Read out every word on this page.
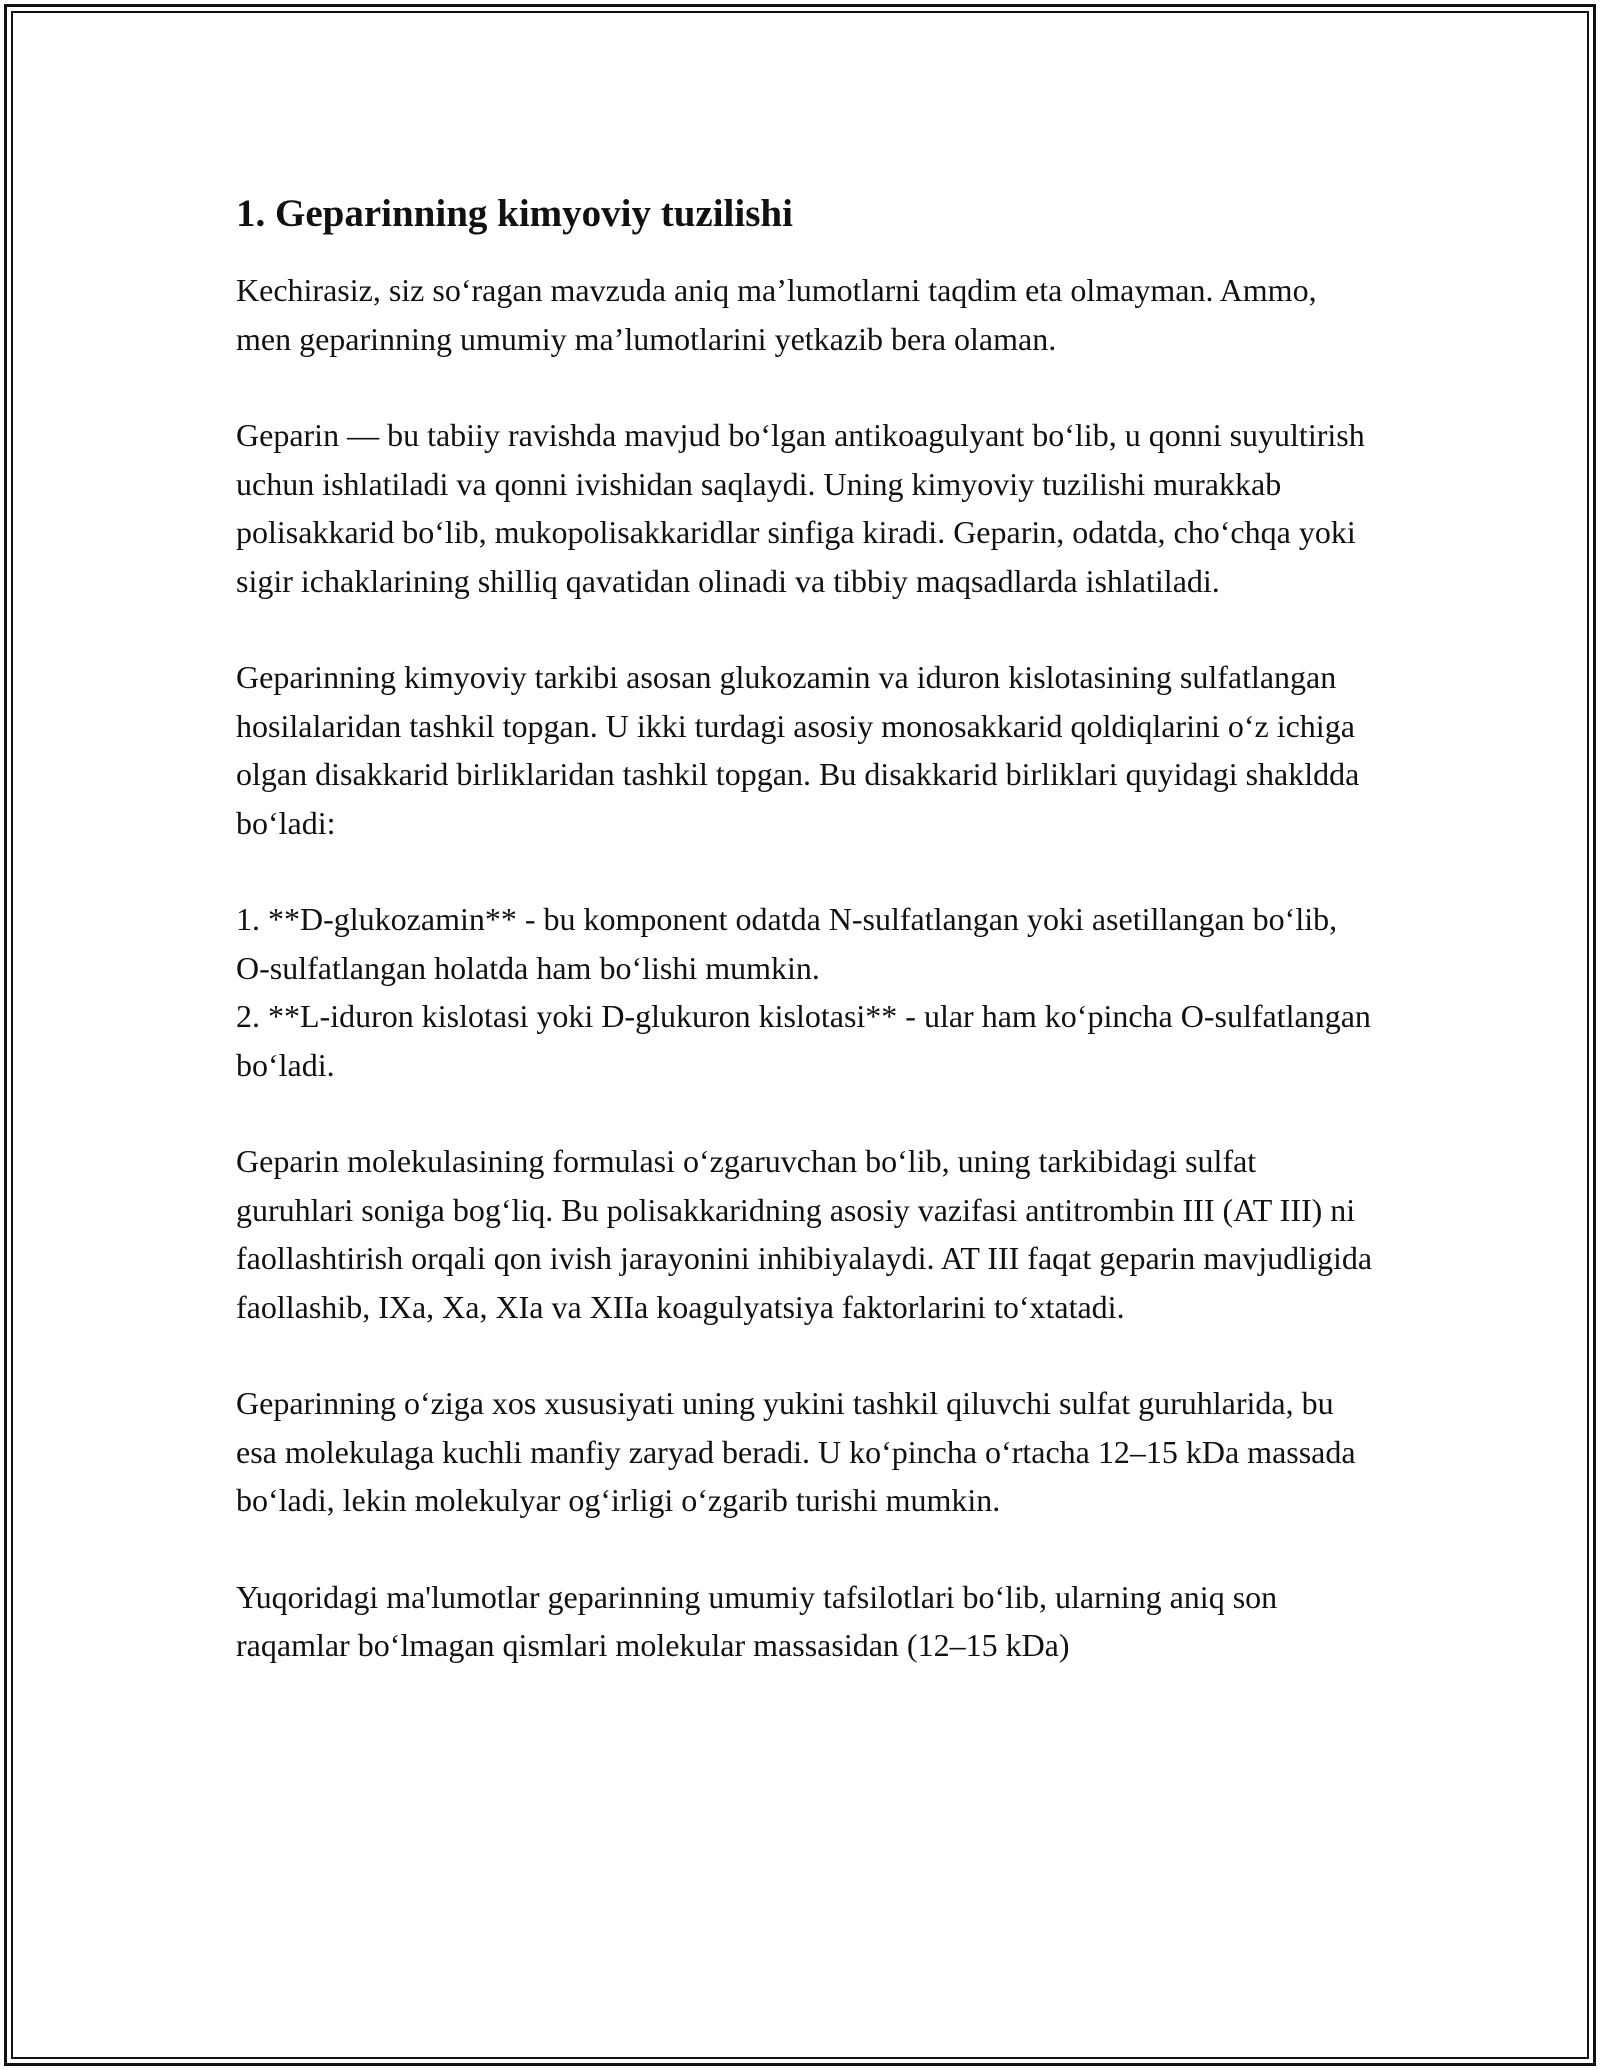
1. Geparinning kimyoviy tuzilishi

Kechirasiz, siz so‘ragan mavzuda aniq ma’lumotlarni taqdim eta olmayman. Ammo, men geparinning umumiy ma’lumotlarini yetkazib bera olaman.

Geparin — bu tabiiy ravishda mavjud bo‘lgan antikoagulyant bo‘lib, u qonni suyultirish uchun ishlatiladi va qonni ivishidan saqlaydi. Uning kimyoviy tuzilishi murakkab polisakkarid bo‘lib, mukopolisakkaridlar sinfiga kiradi. Geparin, odatda, cho‘chqa yoki sigir ichaklarining shilliq qavatidan olinadi va tibbiy maqsadlarda ishlatiladi.

Geparinning kimyoviy tarkibi asosan glukozamin va iduron kislotasining sulfatlangan hosilalaridan tashkil topgan. U ikki turdagi asosiy monosakkarid qoldiqlarini o‘z ichiga olgan disakkarid birliklaridan tashkil topgan. Bu disakkarid birliklari quyidagi shakldda bo‘ladi:

1. **D-glukozamin** - bu komponent odatda N-sulfatlangan yoki asetillangan bo‘lib, O-sulfatlangan holatda ham bo‘lishi mumkin.
2. **L-iduron kislotasi yoki D-glukuron kislotasi** - ular ham ko‘pincha O-sulfatlangan bo‘ladi.

Geparin molekulasining formulasi o‘zgaruvchan bo‘lib, uning tarkibidagi sulfat guruhlari soniga bog‘liq. Bu polisakkaridning asosiy vazifasi antitrombin III (AT III) ni faollashtirish orqali qon ivish jarayonini inhibiyalaydi. AT III faqat geparin mavjudligida faollashib, IXa, Xa, XIa va XIIa koagulyatsiya faktorlarini to‘xtatadi.

Geparinning o‘ziga xos xususiyati uning yukini tashkil qiluvchi sulfat guruhlarida, bu esa molekulaga kuchli manfiy zaryad beradi. U ko‘pincha o‘rtacha 12–15 kDa massada bo‘ladi, lekin molekulyar og‘irligi o‘zgarib turishi mumkin.

Yuqoridagi ma'lumotlar geparinning umumiy tafsilotlari bo‘lib, ularning aniq son raqamlar bo‘lmagan qismlari molekular massasidan (12–15 kDa)
